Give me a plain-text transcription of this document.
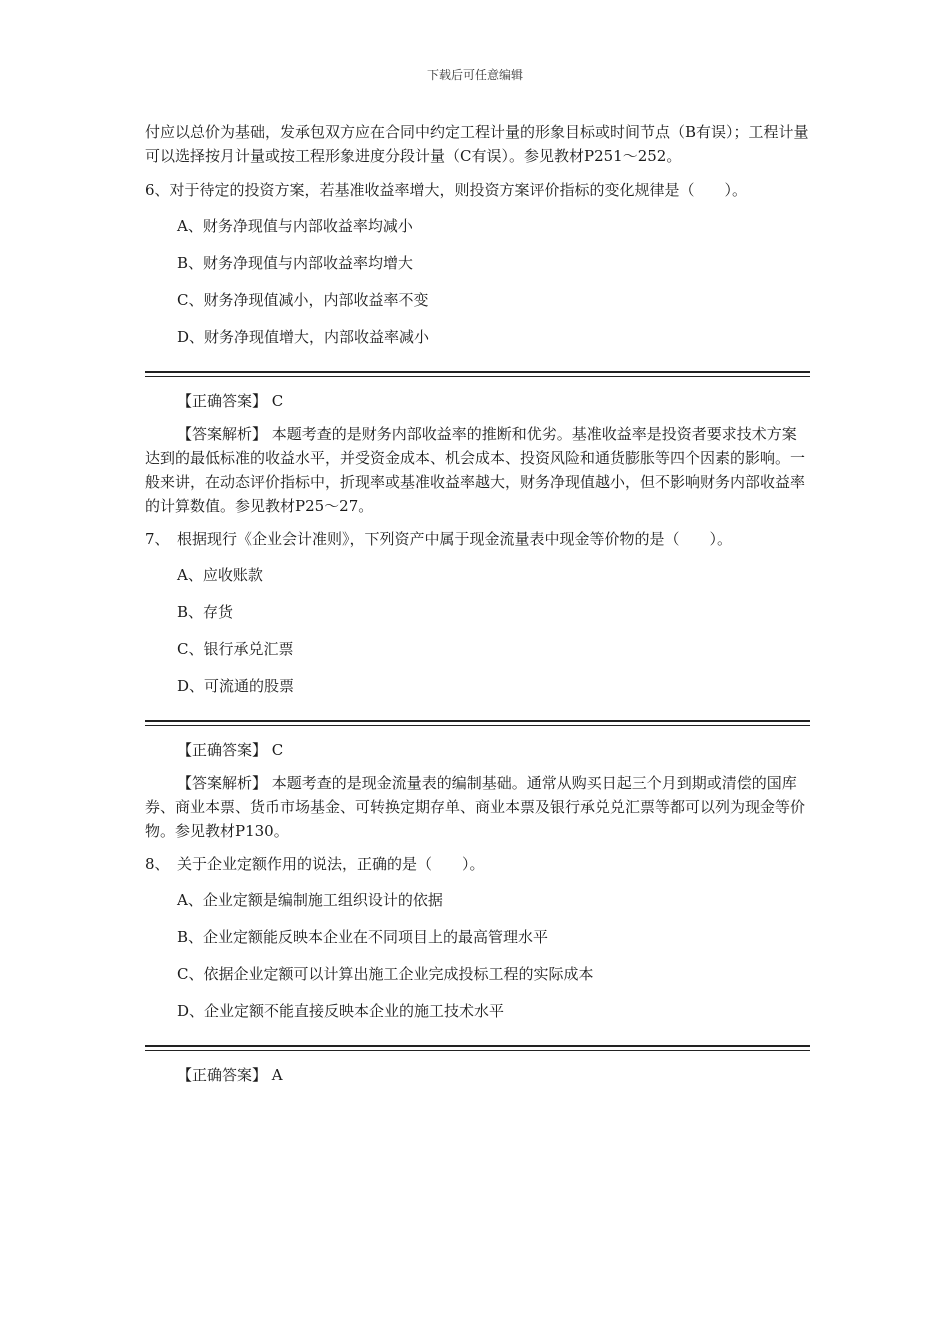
下载后可任意编辑

付应以总价为基础，发承包双方应在合同中约定工程计量的形象目标或时间节点（B有误）；工程计量可以选择按月计量或按工程形象进度分段计量（C有误）。参见教材P251～252。

6、对于待定的投资方案，若基准收益率增大，则投资方案评价指标的变化规律是（　　）。

A、财务净现值与内部收益率均减小

B、财务净现值与内部收益率均增大

C、财务净现值减小，内部收益率不变

D、财务净现值增大，内部收益率减小

【正确答案】 C

【答案解析】 本题考查的是财务内部收益率的推断和优劣。基准收益率是投资者要求技术方案达到的最低标准的收益水平，并受资金成本、机会成本、投资风险和通货膨胀等四个因素的影响。一般来讲，在动态评价指标中，折现率或基准收益率越大，财务净现值越小，但不影响财务内部收益率的计算数值。参见教材P25～27。

7、　根据现行《企业会计准则》，下列资产中属于现金流量表中现金等价物的是（　　）。

A、应收账款

B、存货

C、银行承兑汇票

D、可流通的股票

【正确答案】 C

【答案解析】 本题考查的是现金流量表的编制基础。通常从购买日起三个月到期或清偿的国库券、商业本票、货币市场基金、可转换定期存单、商业本票及银行承兑兑汇票等都可以列为现金等价物。参见教材P130。

8、　关于企业定额作用的说法，正确的是（　　）。

A、企业定额是编制施工组织设计的依据

B、企业定额能反映本企业在不同项目上的最高管理水平

C、依据企业定额可以计算出施工企业完成投标工程的实际成本

D、企业定额不能直接反映本企业的施工技术水平

【正确答案】 A
